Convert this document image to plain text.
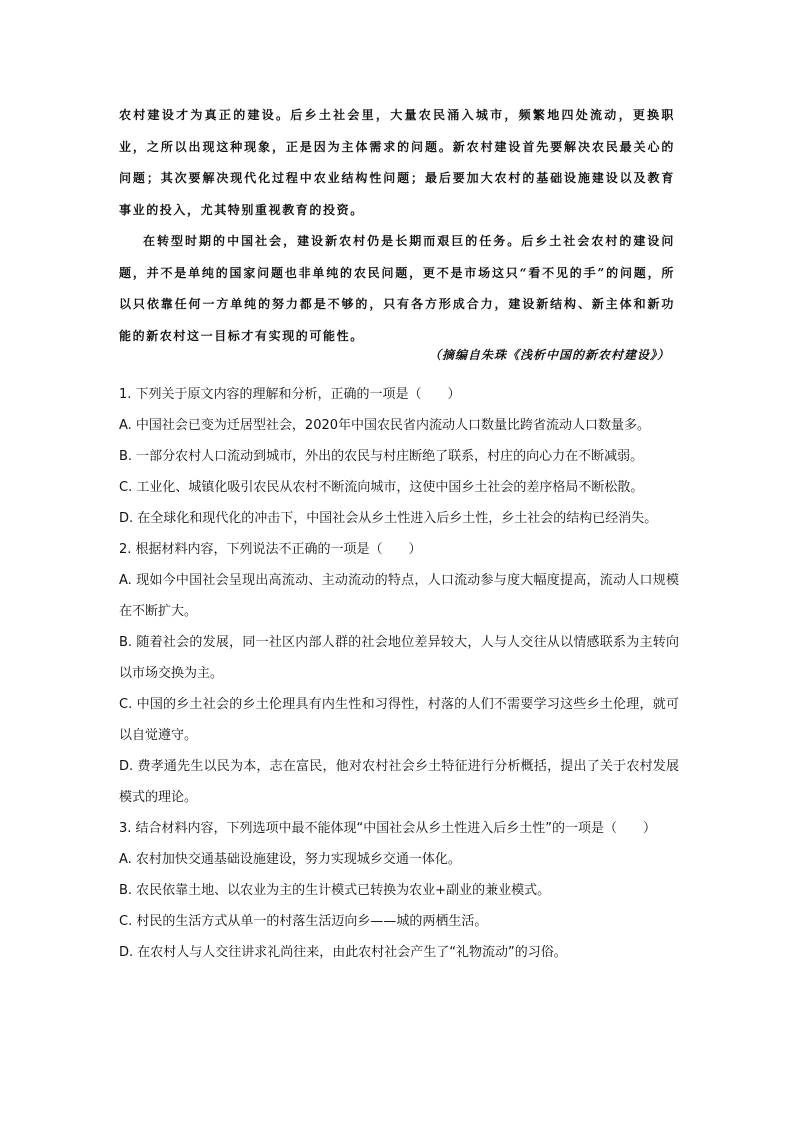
农村建设才为真正的建设。后乡土社会里，大量农民涌入城市，频繁地四处流动，更换职业，之所以出现这种现象，正是因为主体需求的问题。新农村建设首先要解决农民最关心的问题；其次要解决现代化过程中农业结构性问题；最后要加大农村的基础设施建设以及教育事业的投入，尤其特别重视教育的投资。

在转型时期的中国社会，建设新农村仍是长期而艰巨的任务。后乡土社会农村的建设问题，并不是单纯的国家问题也非单纯的农民问题，更不是市场这只“看不见的手”的问题，所以只依靠任何一方单纯的努力都是不够的，只有各方形成合力，建设新结构、新主体和新功能的新农村这一目标才有实现的可能性。

（摘编自朱珠《浅析中国的新农村建设》）

1. 下列关于原文内容的理解和分析，正确的一项是（　　）

A. 中国社会已变为迁居型社会，2020年中国农民省内流动人口数量比跨省流动人口数量多。

B. 一部分农村人口流动到城市，外出的农民与村庄断绝了联系，村庄的向心力在不断减弱。

C. 工业化、城镇化吸引农民从农村不断流向城市，这使中国乡土社会的差序格局不断松散。

D. 在全球化和现代化的冲击下，中国社会从乡土性进入后乡土性，乡土社会的结构已经消失。

2. 根据材料内容，下列说法不正确的一项是（　　）

A. 现如今中国社会呈现出高流动、主动流动的特点，人口流动参与度大幅度提高，流动人口规模在不断扩大。

B. 随着社会的发展，同一社区内部人群的社会地位差异较大，人与人交往从以情感联系为主转向以市场交换为主。

C. 中国的乡土社会的乡土伦理具有内生性和习得性，村落的人们不需要学习这些乡土伦理，就可以自觉遵守。

D. 费孝通先生以民为本，志在富民，他对农村社会乡土特征进行分析概括，提出了关于农村发展模式的理论。

3. 结合材料内容，下列选项中最不能体现“中国社会从乡土性进入后乡土性”的一项是（　　）

A. 农村加快交通基础设施建设，努力实现城乡交通一体化。

B. 农民依靠土地、以农业为主的生计模式已转换为农业+副业的兼业模式。

C. 村民的生活方式从单一的村落生活迈向乡——城的两栖生活。

D. 在农村人与人交往讲求礼尚往来，由此农村社会产生了“礼物流动”的习俗。
